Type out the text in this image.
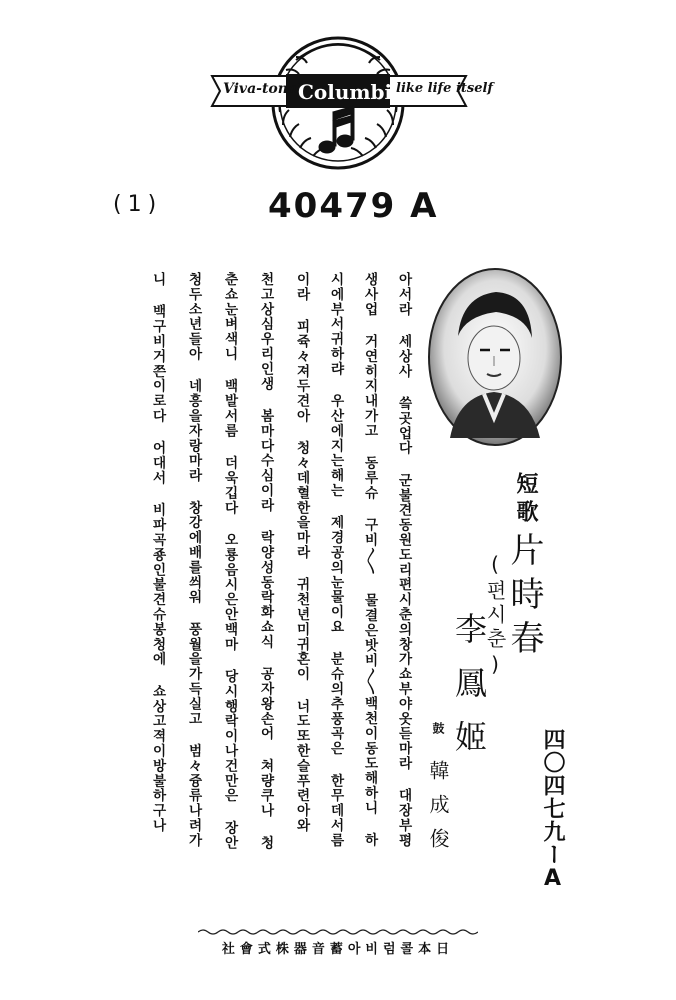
Viva-tonal
Columbia
like life itself
(1)	40479 A
短歌
片時春
(편시춘)
李鳳姬
鼓
韓成俊	四〇四七九ーA
아서라 세상사 씈곳업다 군불견동원도리편시춘의창가쇼부야옷듣마라 대장부평
생사업 거연히지내가고 동루슈 구비〳〵 물결은밧비〳〵백천이동도해하니 하
시에부서귀하랴 우산에지는해는 제경공의눈물이요 분슈의추풍곡은 한무데서름
이라 피쥭々져두견아 청々데혈한을마라 귀천년미귀혼이 너도또한슬푸련아와
천고상심우리인생 봄마다수심이라 락양성동락화쇼식 공자왕손어 쳐량쿠나 청
춘쇼눈벼색니 백발서름 더욱깁다 오룡음시은안백마 당시행락이나건만은 장안
청두소년들아 네흥을자랑마라 창강에배를씌워 풍월을가득실고 범々즁류나려가
니 백구비거쯘이로다 어대서 비파곡죵인불견슈봉청에 쇼상고젹이방불하구나
社會式株器音蓄아비럼콜本日
